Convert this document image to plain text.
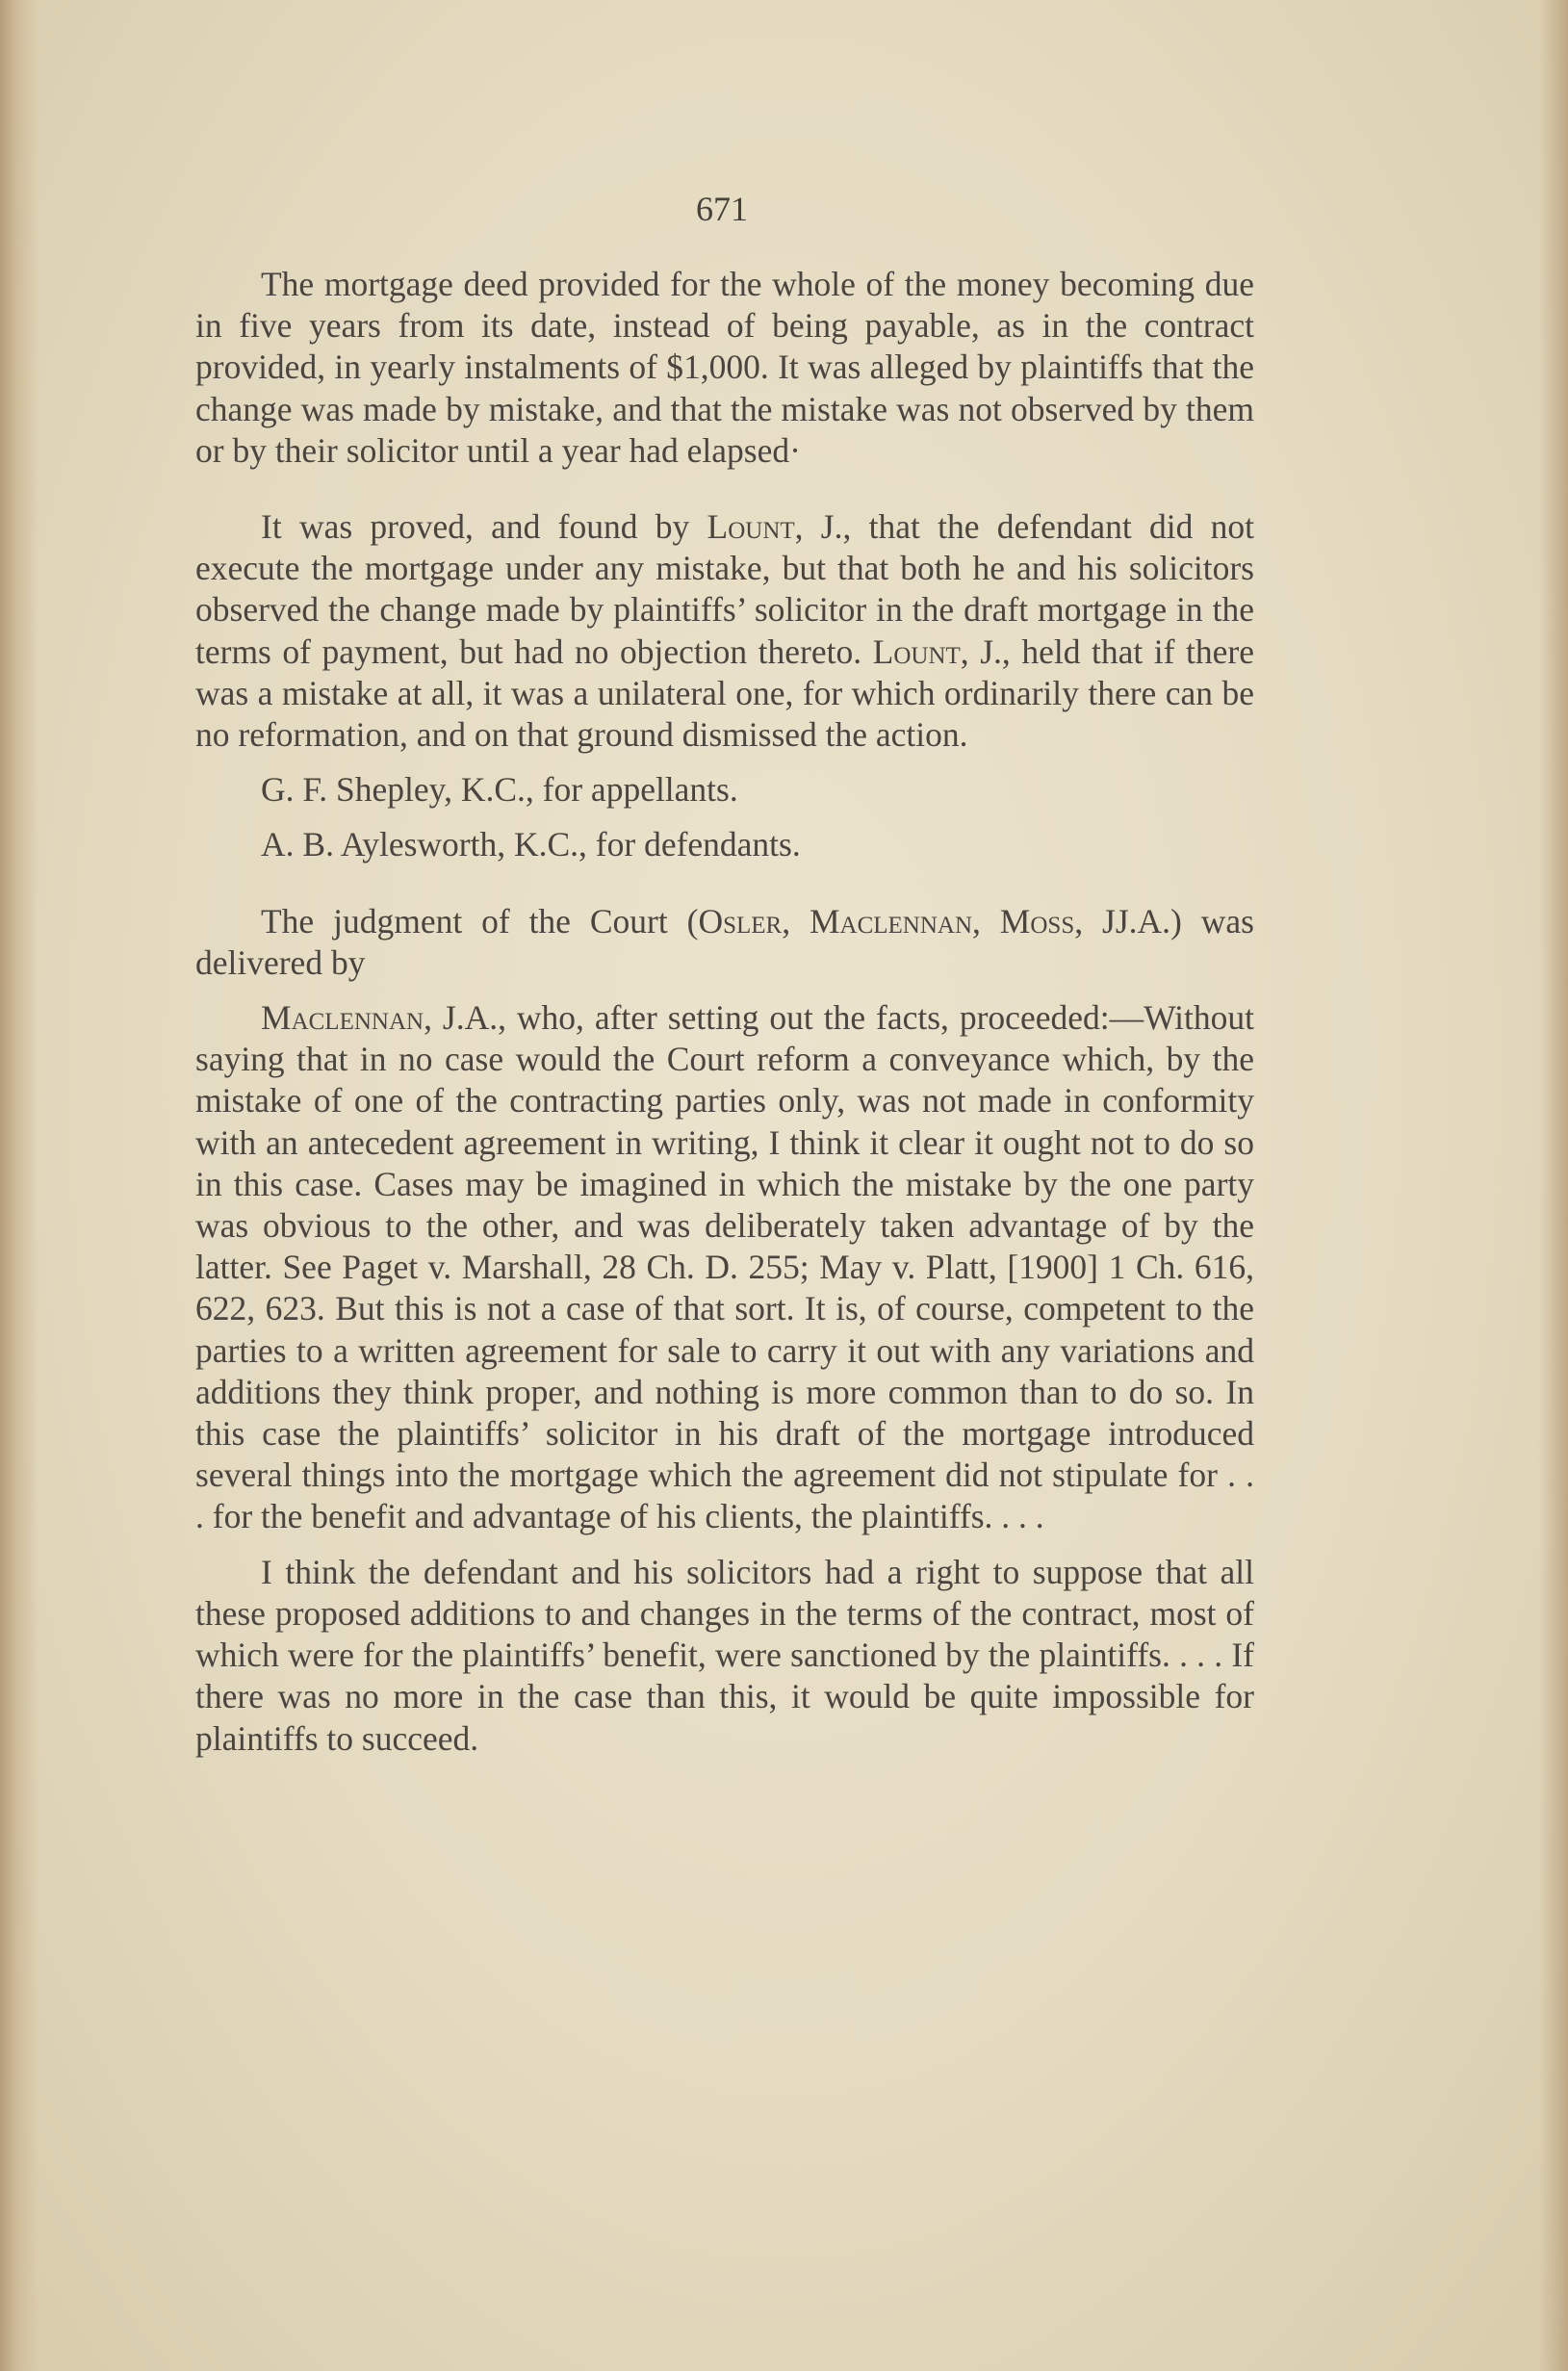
671

The mortgage deed provided for the whole of the money becoming due in five years from its date, instead of being payable, as in the contract provided, in yearly instalments of $1,000. It was alleged by plaintiffs that the change was made by mistake, and that the mistake was not observed by them or by their solicitor until a year had elapsed·

It was proved, and found by Lount, J., that the defendant did not execute the mortgage under any mistake, but that both he and his solicitors observed the change made by plaintiffs’ solicitor in the draft mortgage in the terms of payment, but had no objection thereto. Lount, J., held that if there was a mistake at all, it was a unilateral one, for which ordinarily there can be no reformation, and on that ground dismissed the action.

G. F. Shepley, K.C., for appellants.

A. B. Aylesworth, K.C., for defendants.

The judgment of the Court (Osler, Maclennan, Moss, JJ.A.) was delivered by

Maclennan, J.A., who, after setting out the facts, proceeded:—Without saying that in no case would the Court reform a conveyance which, by the mistake of one of the contracting parties only, was not made in conformity with an antecedent agreement in writing, I think it clear it ought not to do so in this case. Cases may be imagined in which the mistake by the one party was obvious to the other, and was deliberately taken advantage of by the latter. See Paget v. Marshall, 28 Ch. D. 255; May v. Platt, [1900] 1 Ch. 616, 622, 623. But this is not a case of that sort. It is, of course, competent to the parties to a written agreement for sale to carry it out with any variations and additions they think proper, and nothing is more common than to do so. In this case the plaintiffs’ solicitor in his draft of the mortgage introduced several things into the mortgage which the agreement did not stipulate for . . . for the benefit and advantage of his clients, the plaintiffs. . . .

I think the defendant and his solicitors had a right to suppose that all these proposed additions to and changes in the terms of the contract, most of which were for the plaintiffs’ benefit, were sanctioned by the plaintiffs. . . . If there was no more in the case than this, it would be quite impossible for plaintiffs to succeed.
